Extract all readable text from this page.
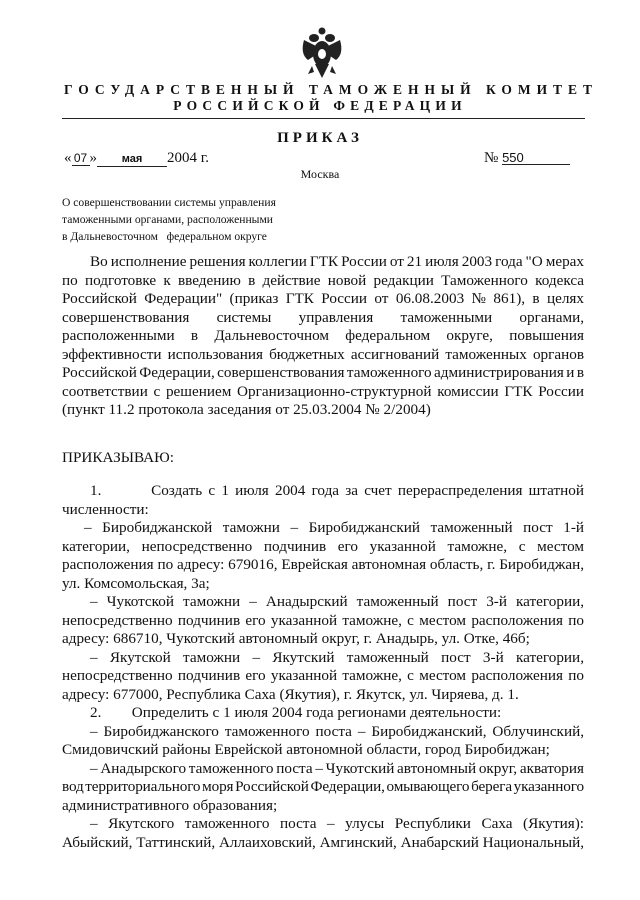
ГОСУДАРСТВЕННЫЙ ТАМОЖЕННЫЙ КОМИТЕТ
РОССИЙСКОЙ ФЕДЕРАЦИИ
ПРИКАЗ
« 07 » мая 2004 г.	№ 550
Москва
О совершенствовании системы управления
таможенными органами, расположенными
в Дальневосточном   федеральном округе
Во исполнение решения коллегии ГТК России от 21 июля 2003 года "О мерах
по подготовке к введению в действие новой редакции Таможенного кодекса
Российской Федерации" (приказ ГТК России от 06.08.2003 № 861), в целях
совершенствования системы управления таможенными органами,
расположенными в Дальневосточном федеральном округе, повышения
эффективности использования бюджетных ассигнований таможенных органов
Российской Федерации, совершенствования таможенного администрирования и в
соответствии с решением Организационно-структурной комиссии ГТК России
(пункт 11.2 протокола заседания от 25.03.2004 № 2/2004)
ПРИКАЗЫВАЮ:
1.        Создать с 1 июля 2004 года за счет перераспределения штатной
численности:
– Биробиджанской таможни – Биробиджанский таможенный пост 1-й
категории, непосредственно подчинив его указанной таможне, с местом
расположения по адресу: 679016, Еврейская автономная область, г. Биробиджан,
ул. Комсомольская, 3а;
– Чукотской таможни – Анадырский таможенный пост 3-й категории,
непосредственно подчинив его указанной таможне, с местом расположения по
адресу: 686710, Чукотский автономный округ, г. Анадырь, ул. Отке, 46б;
– Якутской таможни – Якутский таможенный пост 3-й категории,
непосредственно подчинив его указанной таможне, с местом расположения по
адресу: 677000, Республика Саха (Якутия), г. Якутск, ул. Чиряева, д. 1.
2.        Определить с 1 июля 2004 года регионами деятельности:
– Биробиджанского таможенного поста – Биробиджанский, Облучинский,
Смидовичский районы Еврейской автономной области, город Биробиджан;
– Анадырского таможенного поста – Чукотский автономный округ, акватория
вод территориального моря Российской Федерации, омывающего берега указанного
административного образования;
– Якутского таможенного поста – улусы Республики Саха (Якутия):
Абыйский, Таттинский, Аллаиховский, Амгинский, Анабарский Национальный,
